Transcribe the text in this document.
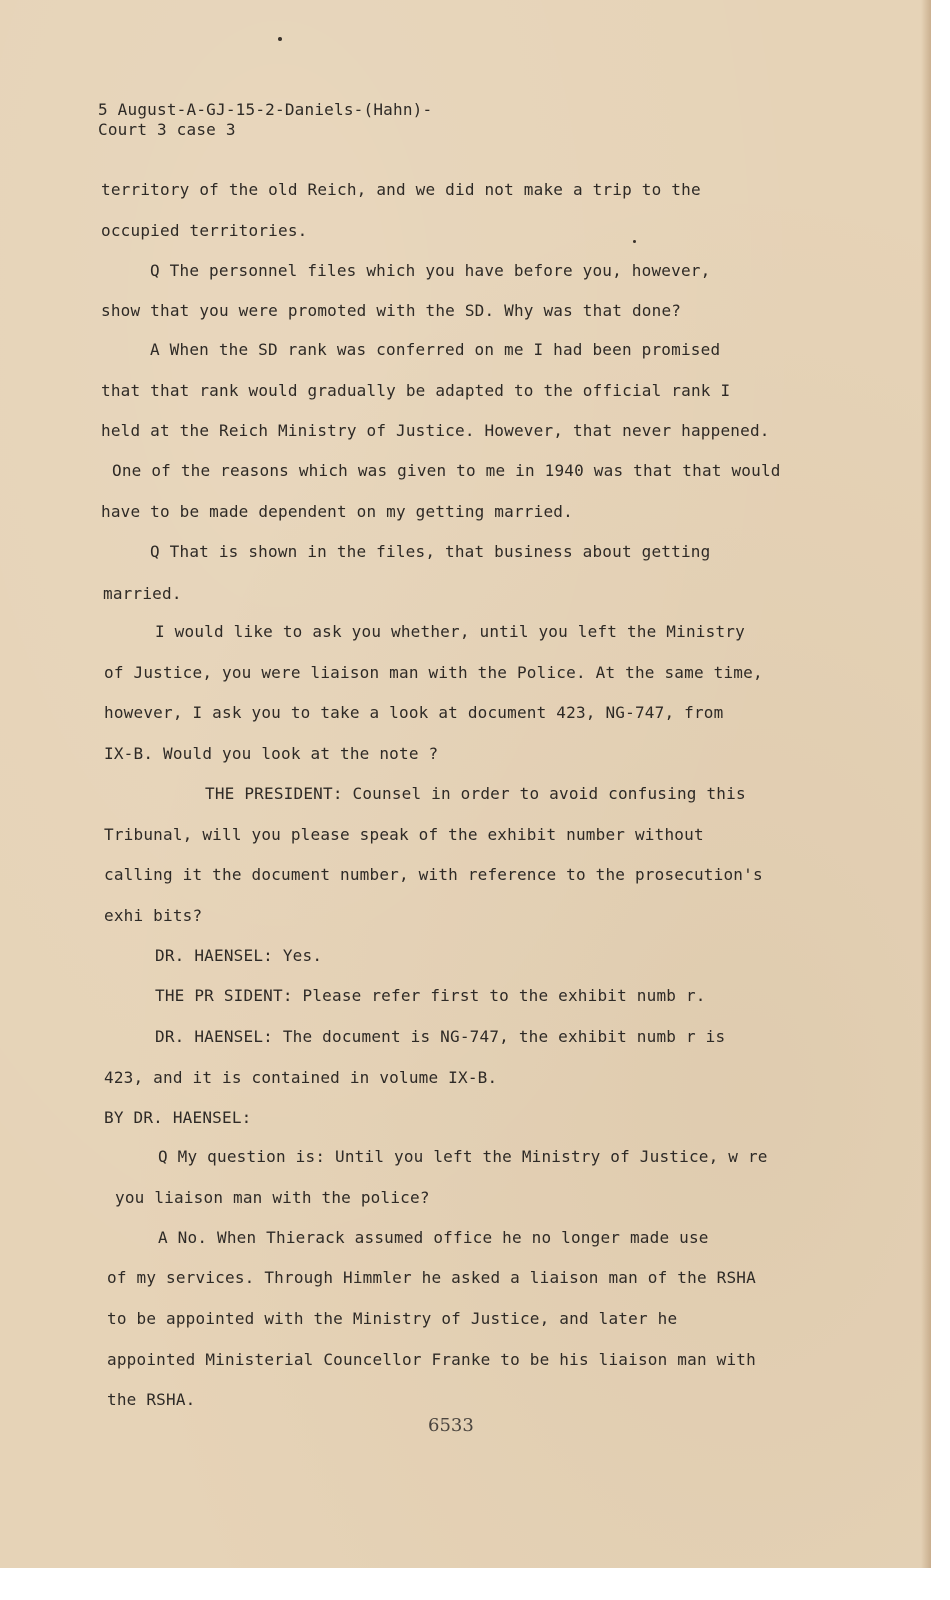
5 August-A-GJ-15-2-Daniels-(Hahn)-
Court 3 case 3
territory of the old Reich, and we did not make a trip to the
occupied territories.
Q The personnel files which you have before you, however,
show that you were promoted with the SD. Why was that done?
A When the SD rank was conferred on me I had been promised
that that rank would gradually be adapted to the official rank I
held at the Reich Ministry of Justice. However, that never happened.
One of the reasons which was given to me in 1940 was that that would
have to be made dependent on my getting married.
Q That is shown in the files, that business about getting
married.
I would like to ask you whether, until you left the Ministry
of Justice, you were liaison man with the Police. At the same time,
however, I ask you to take a look at document 423, NG-747, from
IX-B. Would you look at the note ?
THE PRESIDENT: Counsel in order to avoid confusing this
Tribunal, will you please speak of the exhibit number without
calling it the document number, with reference to the prosecution's
exhi bits?
DR. HAENSEL: Yes.
THE PR SIDENT: Please refer first to the exhibit numb r.
DR. HAENSEL: The document is NG-747, the exhibit numb r is
423, and it is contained in volume IX-B.
BY DR. HAENSEL:
Q My question is: Until you left the Ministry of Justice, w re
you liaison man with the police?
A No. When Thierack assumed office he no longer made use
of my services. Through Himmler he asked a liaison man of the RSHA
to be appointed with the Ministry of Justice, and later he
appointed Ministerial Councellor Franke to be his liaison man with
the RSHA.
6533
